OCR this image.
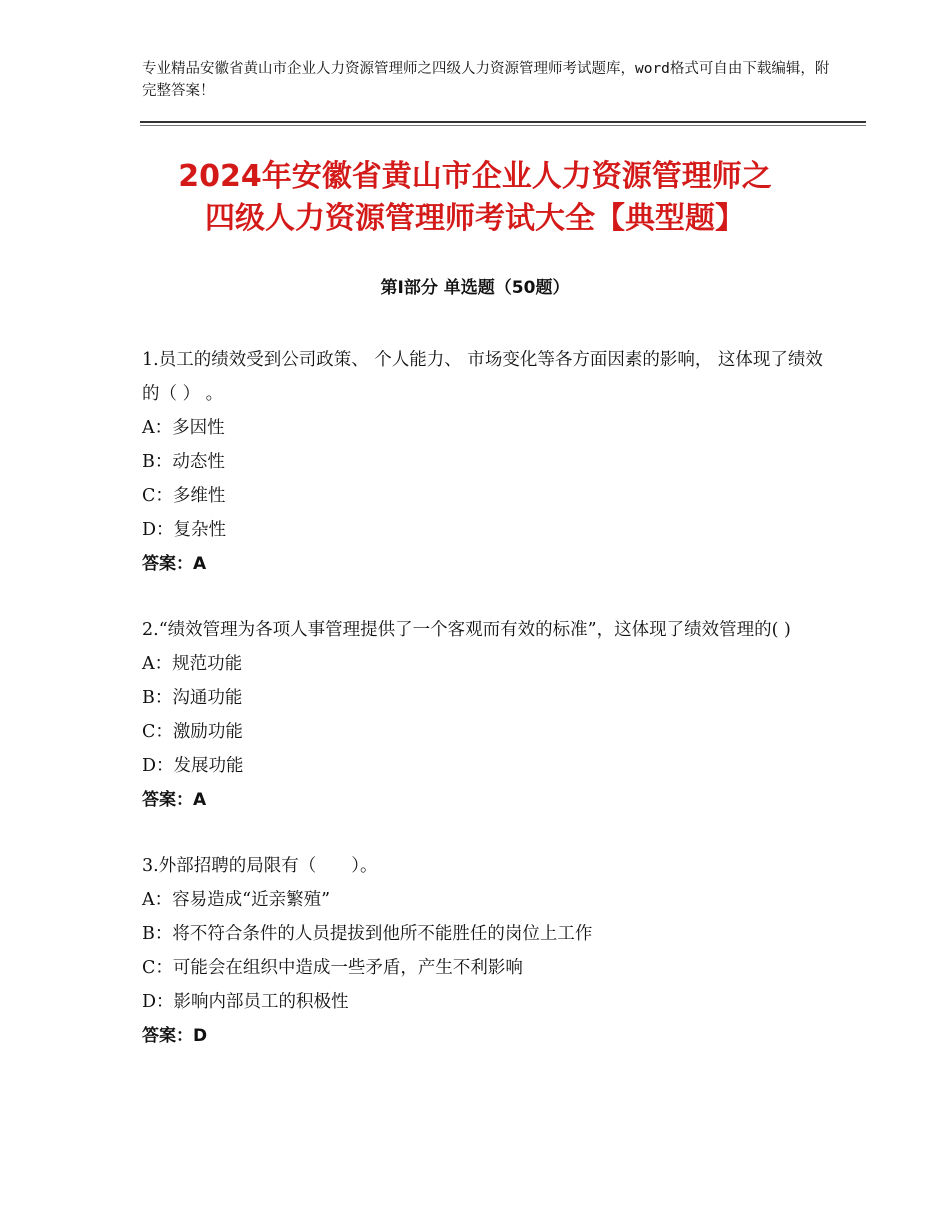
专业精品安徽省黄山市企业人力资源管理师之四级人力资源管理师考试题库，word格式可自由下载编辑，附完整答案！
2024年安徽省黄山市企业人力资源管理师之
四级人力资源管理师考试大全【典型题】
第Ⅰ部分 单选题（50题）

1.员工的绩效受到公司政策、 个人能力、 市场变化等各方面因素的影响， 这体现了绩效的（ ） 。

A：多因性

B：动态性

C：多维性

D：复杂性

答案：A

2.“绩效管理为各项人事管理提供了一个客观而有效的标准”，这体现了绩效管理的( )

A：规范功能

B：沟通功能

C：激励功能

D：发展功能

答案：A

3.外部招聘的局限有（　　）。

A：容易造成“近亲繁殖”

B：将不符合条件的人员提拔到他所不能胜任的岗位上工作

C：可能会在组织中造成一些矛盾，产生不利影响

D：影响内部员工的积极性

答案：D
